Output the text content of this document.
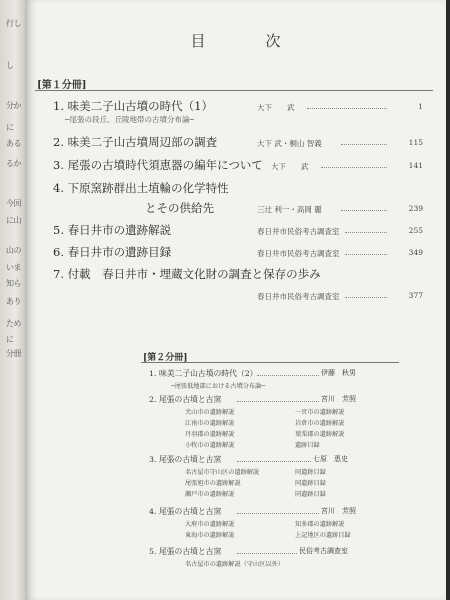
行し
し
分か
に
ある
るか
今回
に山
山の
いま
知ら
あり
ため
に
分冊
目	次
[第１分冊]
1. 味美二子山古墳の時代（1）
─尾張の段丘、丘陵地帯の古墳分布論─
大下　　武	1
2. 味美二子山古墳周辺部の調査	大下 武・桐山 智義	115
3. 尾張の古墳時代須恵器の編年について 大下　　武	141
4. 下原窯跡群出土埴輪の化学特性
とその供給先	三辻 利一・高岡 麗	239
5. 春日井市の遺跡解説	春日井市民俗考古調査室	255
6. 春日井市の遺跡目録	春日井市民俗考古調査室	349
7. 付載　春日井市・埋蔵文化財の調査と保存の歩み
春日井市民俗考古調査室	377
[第２分冊]
1. 味美二子山古墳の時代（2）	伊藤　秋男
─尾張低地部における古墳分布論─
2. 尾張の古墳と古窯	宮川　芳照
犬山市の遺跡解説	一宮市の遺跡解説
江南市の遺跡解説	岩倉市の遺跡解説
丹羽郡の遺跡解説	葉栗郡の遺跡解説
小牧市の遺跡解説	遺跡目録
3. 尾張の古墳と古窯	七原　恵史
名古屋市守山区の遺跡解説	同遺跡目録
尾張旭市の遺跡解説	同遺跡目録
瀬戸市の遺跡解説	同遺跡目録
4. 尾張の古墳と古窯	宮川　芳照
大府市の遺跡解説	知多郡の遺跡解説
東海市の遺跡解説	上記地区の遺跡目録
5. 尾張の古墳と古窯	民俗考古調査室
名古屋市の遺跡解説（守山区以外）
